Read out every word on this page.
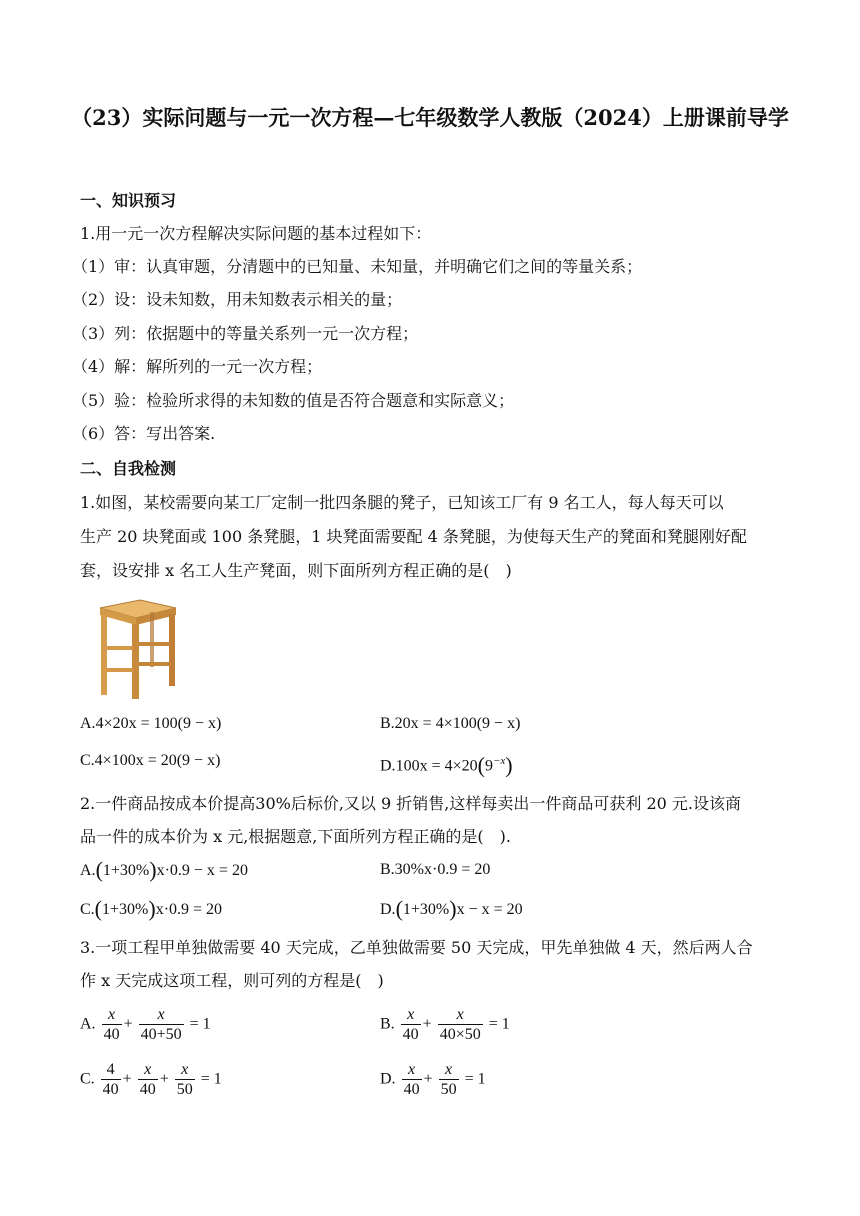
（23）实际问题与一元一次方程—七年级数学人教版（2024）上册课前导学
一、知识预习
1.用一元一次方程解决实际问题的基本过程如下：
（1）审：认真审题，分清题中的已知量、未知量，并明确它们之间的等量关系；
（2）设：设未知数，用未知数表示相关的量；
（3）列：依据题中的等量关系列一元一次方程；
（4）解：解所列的一元一次方程；
（5）验：检验所求得的未知数的值是否符合题意和实际意义；
（6）答：写出答案.
二、自我检测
1.如图，某校需要向某工厂定制一批四条腿的凳子，已知该工厂有 9 名工人，每人每天可以
生产 20 块凳面或 100 条凳腿，1 块凳面需要配 4 条凳腿，为使每天生产的凳面和凳腿刚好配
套，设安排 x 名工人生产凳面，则下面所列方程正确的是(　)
A.4×20x = 100(9 − x)	B.20x = 4×100(9 − x)
C.4×100x = 20(9 − x)	$D.100x = 4\times 20(9^{-x})$
2.一件商品按成本价提高30%后标价,又以 9 折销售,这样每卖出一件商品可获利 20 元.设该商
品一件的成本价为 x 元,根据题意,下面所列方程正确的是(　).
A.(1+30%)x·0.9 − x = 20	B.30%x·0.9 = 20
C.(1+30%)x·0.9 = 20	D.(1+30%)x − x = 20
3.一项工程甲单独做需要 40 天完成，乙单独做需要 50 天完成，甲先单独做 4 天，然后两人合
作 x 天完成这项工程，则可列的方程是(　)
A. $\frac{x}{40} + \frac{x}{40+50} = 1$	B. $\frac{x}{40} + \frac{x}{40\times 50} = 1$
C. $\frac{4}{40} + \frac{x}{40} + \frac{x}{50} = 1$	D. $\frac{x}{40} + \frac{x}{50} = 1$
